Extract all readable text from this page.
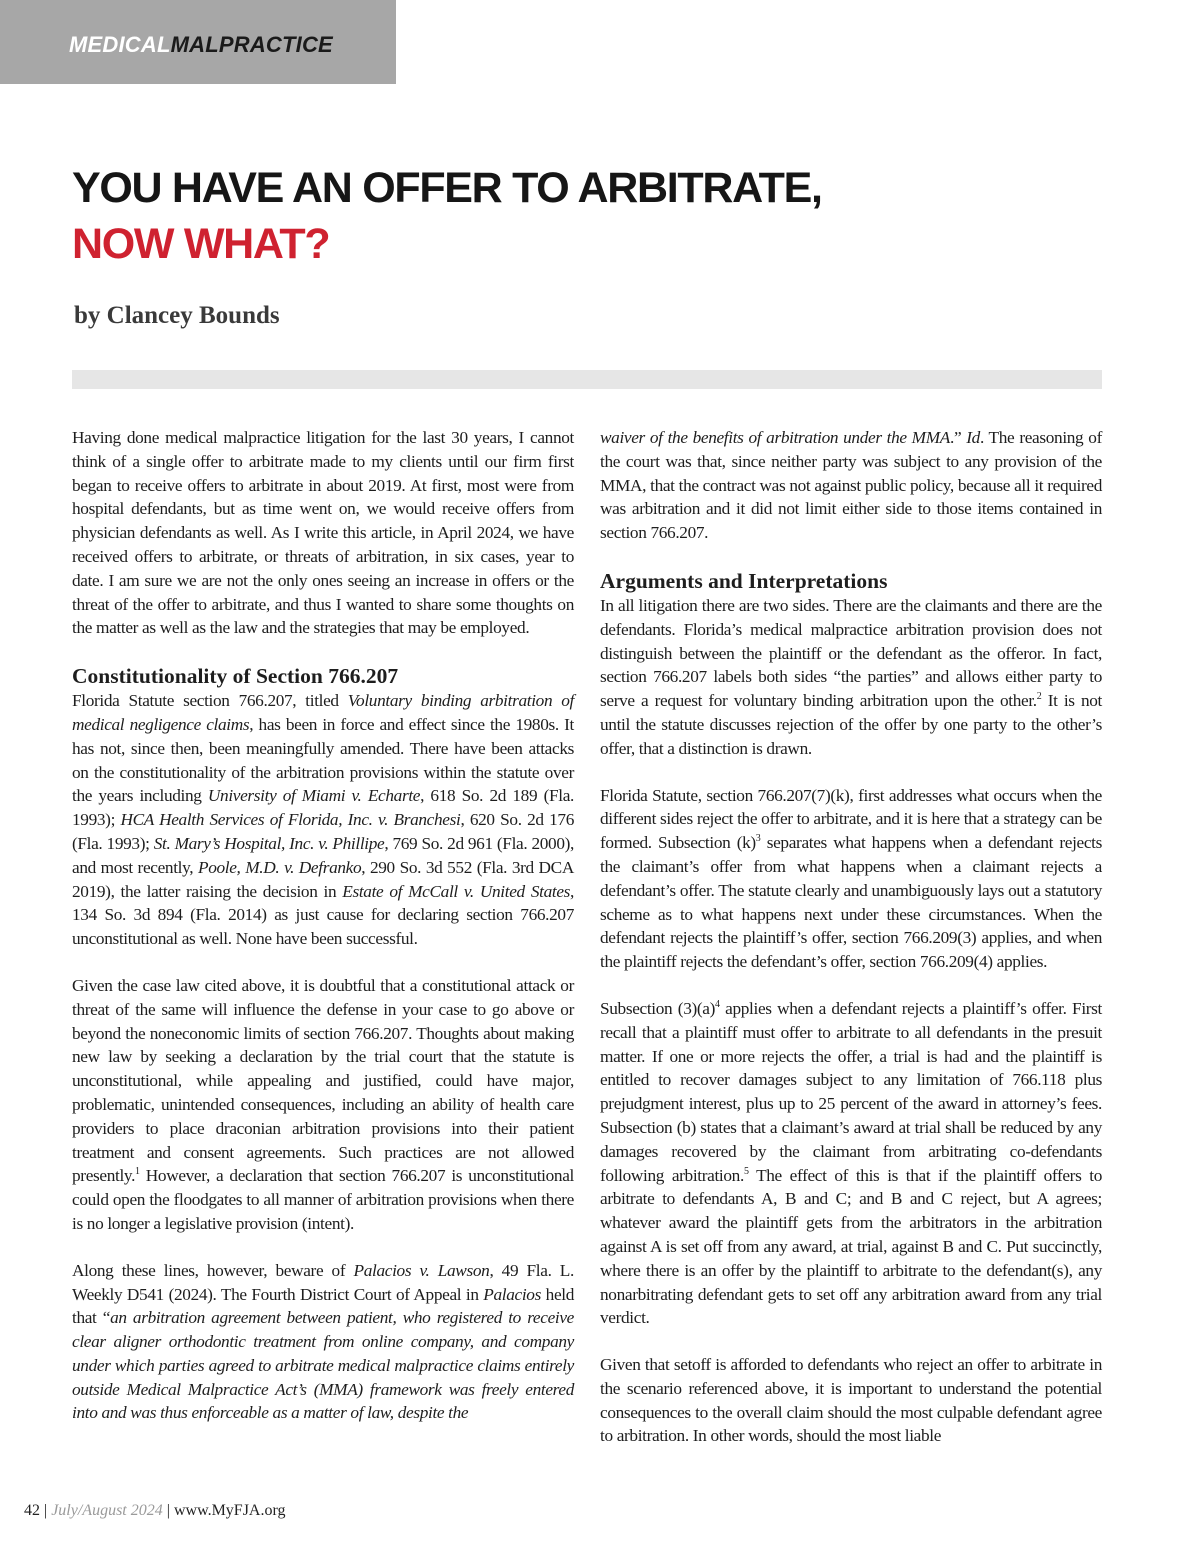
MEDICALMALPRACTICE
YOU HAVE AN OFFER TO ARBITRATE,
NOW WHAT?

by Clancey Bounds

Having done medical malpractice litigation for the last 30 years, I cannot think of a single offer to arbitrate made to my clients until our firm first began to receive offers to arbitrate in about 2019. At first, most were from hospital defendants, but as time went on, we would receive offers from physician defendants as well. As I write this article, in April 2024, we have received offers to arbitrate, or threats of arbitration, in six cases, year to date. I am sure we are not the only ones seeing an increase in offers or the threat of the offer to arbitrate, and thus I wanted to share some thoughts on the matter as well as the law and the strategies that may be employed.

Constitutionality of Section 766.207

Florida Statute section 766.207, titled Voluntary binding arbitration of medical negligence claims, has been in force and effect since the 1980s. It has not, since then, been meaningfully amended. There have been attacks on the constitutionality of the arbitration provisions within the statute over the years including University of Miami v. Echarte, 618 So. 2d 189 (Fla. 1993); HCA Health Services of Florida, Inc. v. Branchesi, 620 So. 2d 176 (Fla. 1993); St. Mary’s Hospital, Inc. v. Phillipe, 769 So. 2d 961 (Fla. 2000), and most recently, Poole, M.D. v. Defranko, 290 So. 3d 552 (Fla. 3rd DCA 2019), the latter raising the decision in Estate of McCall v. United States, 134 So. 3d 894 (Fla. 2014) as just cause for declaring section 766.207 unconstitutional as well. None have been successful.

Given the case law cited above, it is doubtful that a constitutional attack or threat of the same will influence the defense in your case to go above or beyond the noneconomic limits of section 766.207. Thoughts about making new law by seeking a declaration by the trial court that the statute is unconstitutional, while appealing and justified, could have major, problematic, unintended consequences, including an ability of health care providers to place draconian arbitration provisions into their patient treatment and consent agreements. Such practices are not allowed presently.$^1$ However, a declaration that section 766.207 is unconstitutional could open the floodgates to all manner of arbitration provisions when there is no longer a legislative provision (intent).

Along these lines, however, beware of Palacios v. Lawson, 49 Fla. L. Weekly D541 (2024). The Fourth District Court of Appeal in Palacios held that “an arbitration agreement between patient, who registered to receive clear aligner orthodontic treatment from online company, and company under which parties agreed to arbitrate medical malpractice claims entirely outside Medical Malpractice Act’s (MMA) framework was freely entered into and was thus enforceable as a matter of law, despite the

waiver of the benefits of arbitration under the MMA.” Id. The reasoning of the court was that, since neither party was subject to any provision of the MMA, that the contract was not against public policy, because all it required was arbitration and it did not limit either side to those items contained in section 766.207.

Arguments and Interpretations

In all litigation there are two sides. There are the claimants and there are the defendants. Florida’s medical malpractice arbitration provision does not distinguish between the plaintiff or the defendant as the offeror. In fact, section 766.207 labels both sides “the parties” and allows either party to serve a request for voluntary binding arbitration upon the other.$^2$ It is not until the statute discusses rejection of the offer by one party to the other’s offer, that a distinction is drawn.

Florida Statute, section 766.207(7)(k), first addresses what occurs when the different sides reject the offer to arbitrate, and it is here that a strategy can be formed. Subsection $(k)^3$ separates what happens when a defendant rejects the claimant’s offer from what happens when a claimant rejects a defendant’s offer. The statute clearly and unambiguously lays out a statutory scheme as to what happens next under these circumstances. When the defendant rejects the plaintiff’s offer, section 766.209(3) applies, and when the plaintiff rejects the defendant’s offer, section 766.209(4) applies.

Subsection $(3)(a)^4$ applies when a defendant rejects a plaintiff’s offer. First recall that a plaintiff must offer to arbitrate to all defendants in the presuit matter. If one or more rejects the offer, a trial is had and the plaintiff is entitled to recover damages subject to any limitation of 766.118 plus prejudgment interest, plus up to 25 percent of the award in attorney’s fees. Subsection (b) states that a claimant’s award at trial shall be reduced by any damages recovered by the claimant from arbitrating co-defendants following arbitration.$^5$ The effect of this is that if the plaintiff offers to arbitrate to defendants A, B and C; and B and C reject, but A agrees; whatever award the plaintiff gets from the arbitrators in the arbitration against A is set off from any award, at trial, against B and C. Put succinctly, where there is an offer by the plaintiff to arbitrate to the defendant(s), any nonarbitrating defendant gets to set off any arbitration award from any trial verdict.

Given that setoff is afforded to defendants who reject an offer to arbitrate in the scenario referenced above, it is important to understand the potential consequences to the overall claim should the most culpable defendant agree to arbitration. In other words, should the most liable

42 | July/August 2024 | www.MyFJA.org
